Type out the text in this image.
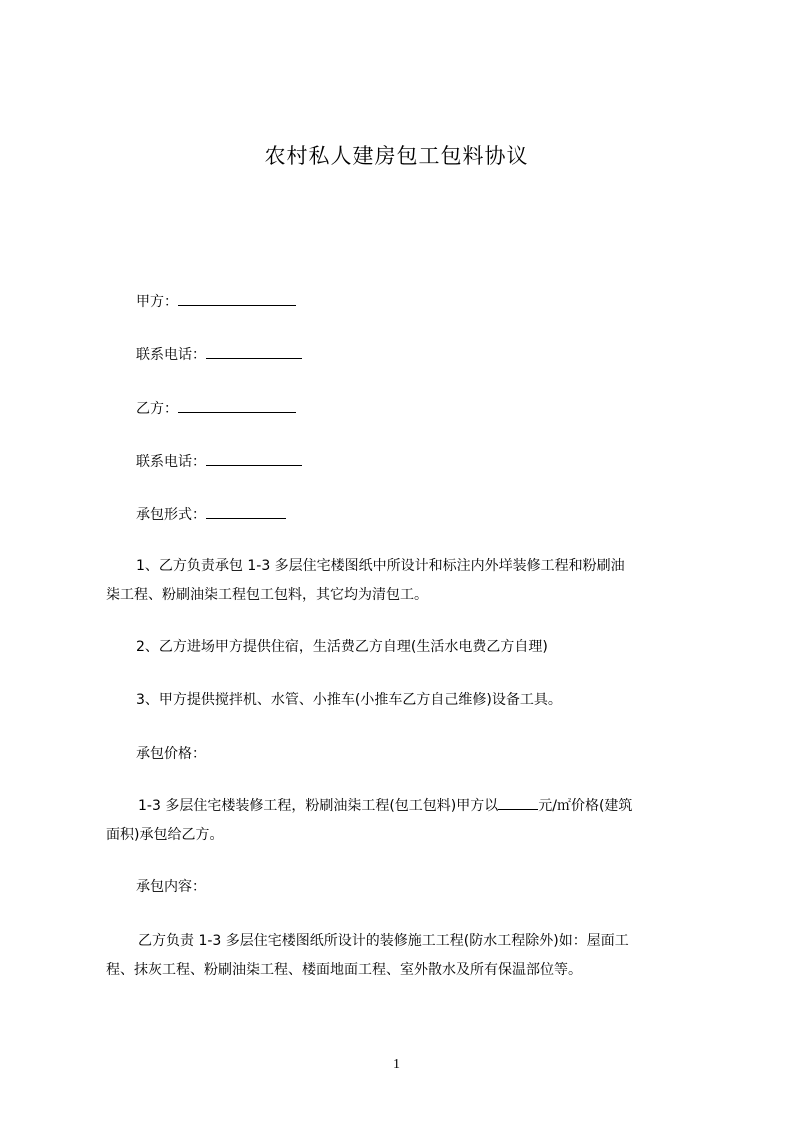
农村私人建房包工包料协议
甲方：
联系电话：
乙方：
联系电话：
承包形式：
1、乙方负责承包 1-3 多层住宅楼图纸中所设计和标注内外垟装修工程和粉刷油
柒工程、粉刷油柒工程包工包料，其它均为清包工。
2、乙方进场甲方提供住宿，生活费乙方自理(生活水电费乙方自理)
3、甲方提供搅拌机、水管、小推车(小推车乙方自己维修)设备工具。
承包价格：
1-3 多层住宅楼装修工程，粉刷油柒工程(包工包料)甲方以	元/㎡价格(建筑
面积)承包给乙方。
承包内容：
乙方负责 1-3 多层住宅楼图纸所设计的装修施工工程(防水工程除外)如：屋面工
程、抹灰工程、粉刷油柒工程、楼面地面工程、室外散水及所有保温部位等。
1
